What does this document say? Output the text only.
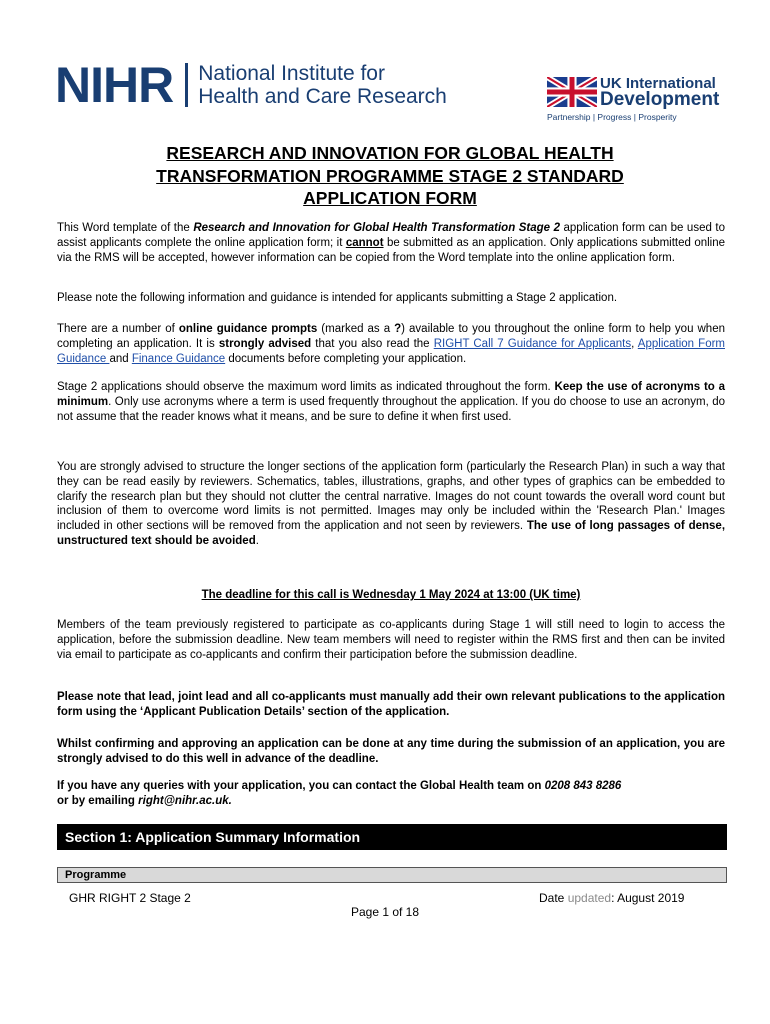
NIHR National Institute for
Health and Care Research
UK International
Development
Partnership | Progress | Prosperity
RESEARCH AND INNOVATION FOR GLOBAL HEALTH
TRANSFORMATION PROGRAMME STAGE 2 STANDARD
APPLICATION FORM
This Word template of the Research and Innovation for Global Health Transformation Stage 2 application form can be used to assist applicants complete the online application form; it cannot be submitted as an application. Only applications submitted online via the RMS will be accepted, however information can be copied from the Word template into the online application form.
Please note the following information and guidance is intended for applicants submitting a Stage 2 application.
There are a number of online guidance prompts (marked as a ?) available to you throughout the online form to help you when completing an application. It is strongly advised that you also read the RIGHT Call 7 Guidance for Applicants, Application Form Guidance and Finance Guidance documents before completing your application.
Stage 2 applications should observe the maximum word limits as indicated throughout the form. Keep the use of acronyms to a minimum. Only use acronyms where a term is used frequently throughout the application. If you do choose to use an acronym, do not assume that the reader knows what it means, and be sure to define it when first used.
You are strongly advised to structure the longer sections of the application form (particularly the Research Plan) in such a way that they can be read easily by reviewers. Schematics, tables, illustrations, graphs, and other types of graphics can be embedded to clarify the research plan but they should not clutter the central narrative. Images do not count towards the overall word count but inclusion of them to overcome word limits is not permitted. Images may only be included within the 'Research Plan.' Images included in other sections will be removed from the application and not seen by reviewers. The use of long passages of dense, unstructured text should be avoided.
The deadline for this call is Wednesday 1 May 2024 at 13:00 (UK time)
Members of the team previously registered to participate as co-applicants during Stage 1 will still need to login to access the application, before the submission deadline. New team members will need to register within the RMS first and then can be invited via email to participate as co-applicants and confirm their participation before the submission deadline.
Please note that lead, joint lead and all co-applicants must manually add their own relevant publications to the application form using the ‘Applicant Publication Details’ section of the application.
Whilst confirming and approving an application can be done at any time during the submission of an application, you are strongly advised to do this well in advance of the deadline.
If you have any queries with your application, you can contact the Global Health team on 0208 843 8286
or by emailing right@nihr.ac.uk.
Section 1: Application Summary Information
Programme
GHR RIGHT 2 Stage 2	Date updated: August 2019
Page 1 of 18
